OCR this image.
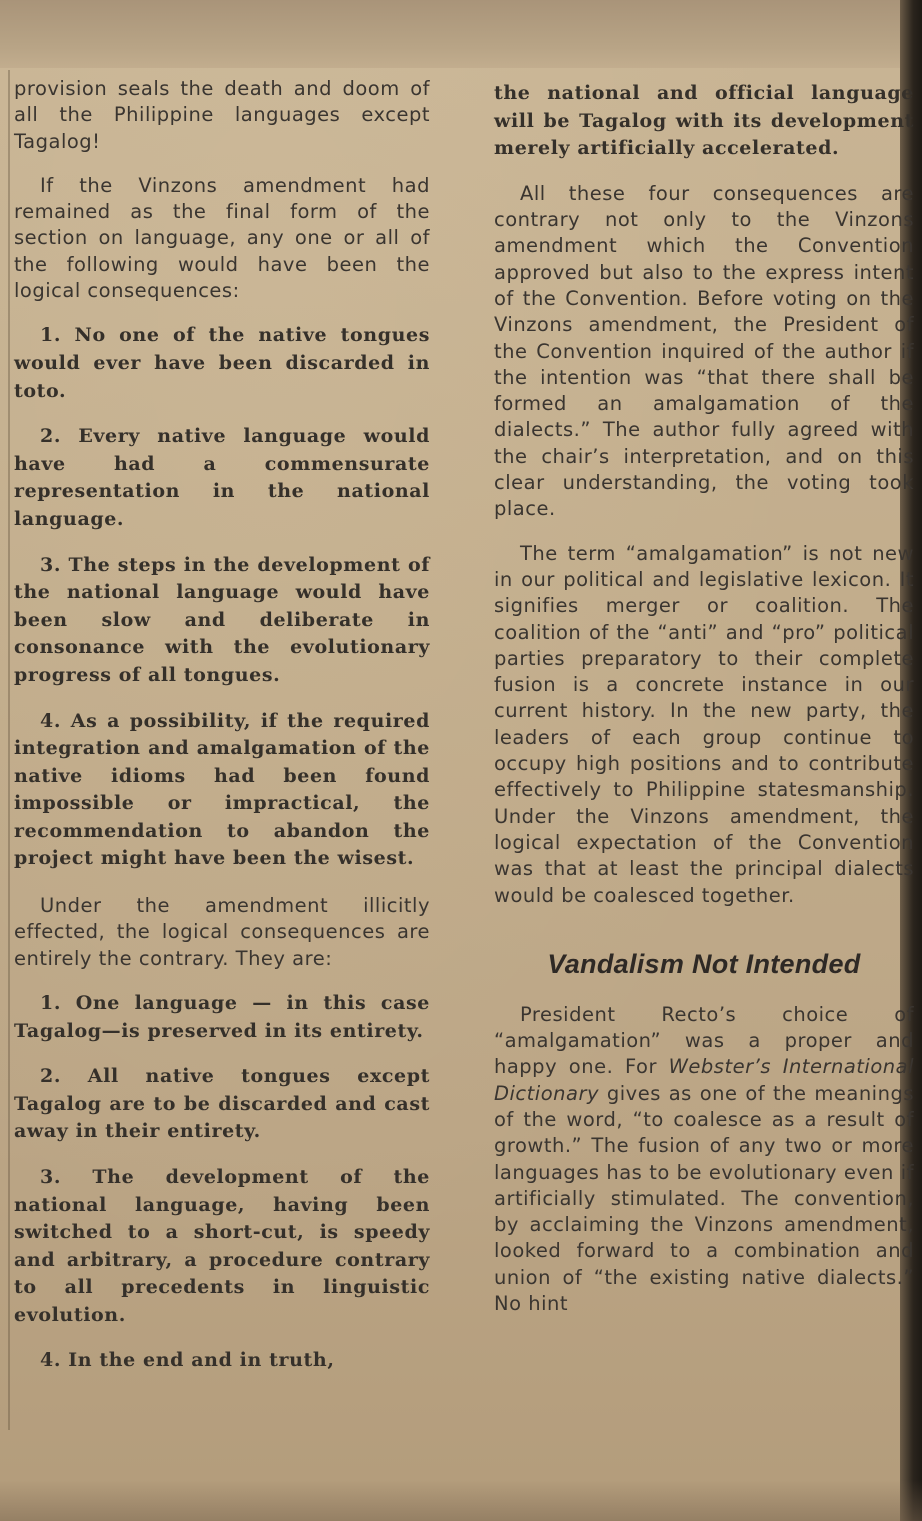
provision seals the death and doom of all the Philippine languages except Tagalog!

If the Vinzons amendment had remained as the final form of the section on language, any one or all of the following would have been the logical consequences:

1. No one of the native tongues would ever have been discarded in toto.

2. Every native language would have had a commensurate representation in the national language.

3. The steps in the development of the national language would have been slow and deliberate in consonance with the evolutionary progress of all tongues.

4. As a possibility, if the required integration and amalgamation of the native idioms had been found impossible or impractical, the recommendation to abandon the project might have been the wisest.

Under the amendment illicitly effected, the logical consequences are entirely the contrary. They are:

1. One language — in this case Tagalog—is preserved in its entirety.

2. All native tongues except Tagalog are to be discarded and cast away in their entirety.

3. The development of the national language, having been switched to a short-cut, is speedy and arbitrary, a procedure contrary to all precedents in linguistic evolution.

4. In the end and in truth,

the national and official language will be Tagalog with its development merely artificially accelerated.

All these four consequences are contrary not only to the Vinzons amendment which the Convention approved but also to the express intent of the Convention. Before voting on the Vinzons amendment, the President of the Convention inquired of the author if the intention was “that there shall be formed an amalgamation of the dialects.” The author fully agreed with the chair’s interpretation, and on this clear understanding, the voting took place.

The term “amalgamation” is not new in our political and legislative lexicon. It signifies merger or coalition. The coalition of the “anti” and “pro” political parties preparatory to their complete fusion is a concrete instance in our current history. In the new party, the leaders of each group continue to occupy high positions and to contribute effectively to Philippine statesmanship. Under the Vinzons amendment, the logical expectation of the Convention was that at least the principal dialects would be coalesced together.

Vandalism Not Intended

President Recto’s choice of “amalgamation” was a proper and happy one. For Webster’s International Dictionary gives as one of the meanings of the word, “to coalesce as a result of growth.” The fusion of any two or more languages has to be evolutionary even if artificially stimulated. The convention, by acclaiming the Vinzons amendment, looked forward to a combination and union of “the existing native dialects.” No hint
